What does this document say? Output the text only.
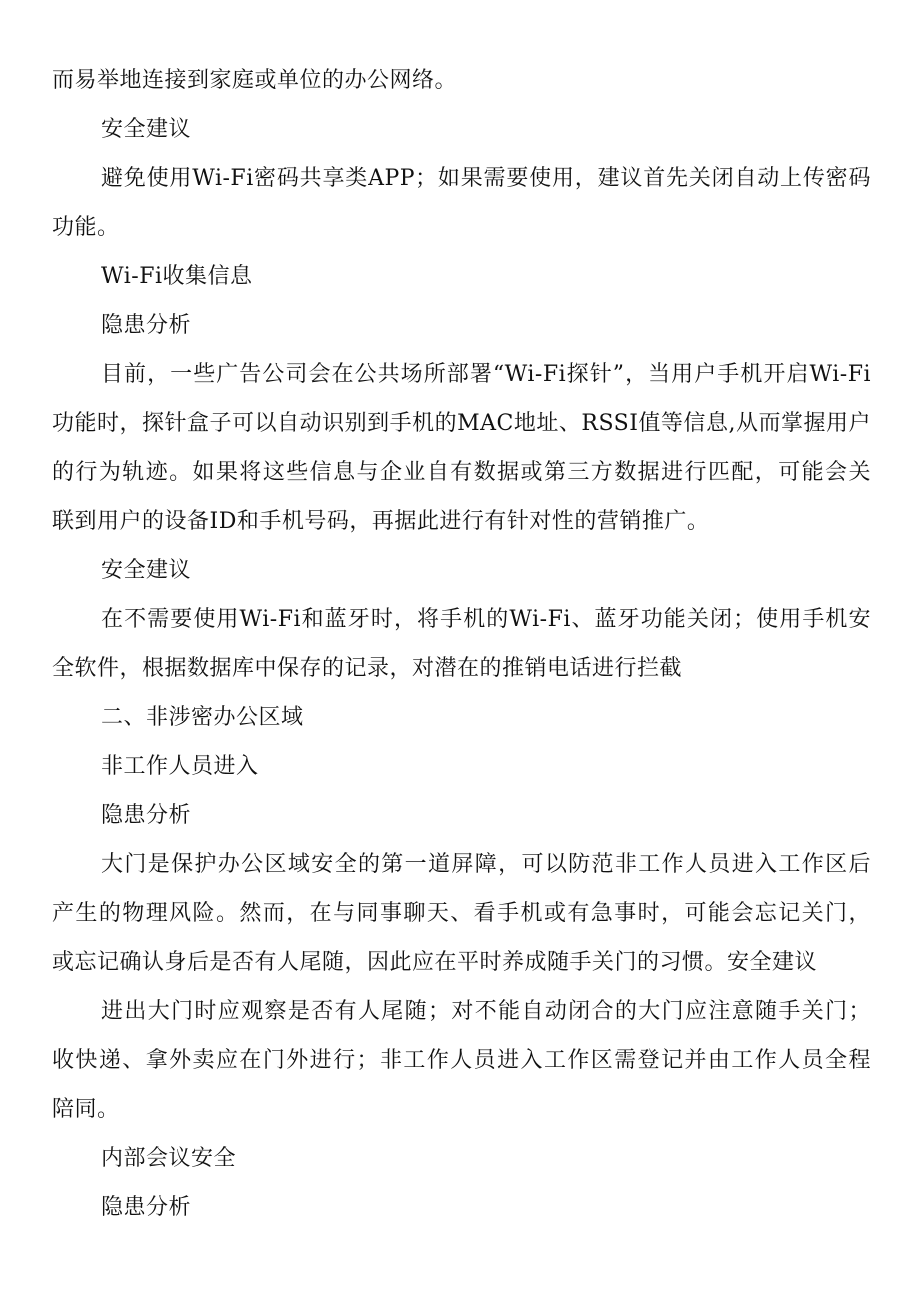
而易举地连接到家庭或单位的办公网络。
安全建议
避免使用Wi-Fi密码共享类APP；如果需要使用，建议首先关闭自动上传密码
功能。
Wi-Fi收集信息
隐患分析
目前，一些广告公司会在公共场所部署“Wi-Fi探针”，当用户手机开启Wi-Fi
功能时，探针盒子可以自动识别到手机的MAC地址、RSSI值等信息,从而掌握用户
的行为轨迹。如果将这些信息与企业自有数据或第三方数据进行匹配，可能会关
联到用户的设备ID和手机号码，再据此进行有针对性的营销推广。
安全建议
在不需要使用Wi-Fi和蓝牙时，将手机的Wi-Fi、蓝牙功能关闭；使用手机安
全软件，根据数据库中保存的记录，对潜在的推销电话进行拦截
二、非涉密办公区域
非工作人员进入
隐患分析
大门是保护办公区域安全的第一道屏障，可以防范非工作人员进入工作区后
产生的物理风险。然而，在与同事聊天、看手机或有急事时，可能会忘记关门，
或忘记确认身后是否有人尾随，因此应在平时养成随手关门的习惯。安全建议
进出大门时应观察是否有人尾随；对不能自动闭合的大门应注意随手关门；
收快递、拿外卖应在门外进行；非工作人员进入工作区需登记并由工作人员全程
陪同。
内部会议安全
隐患分析
